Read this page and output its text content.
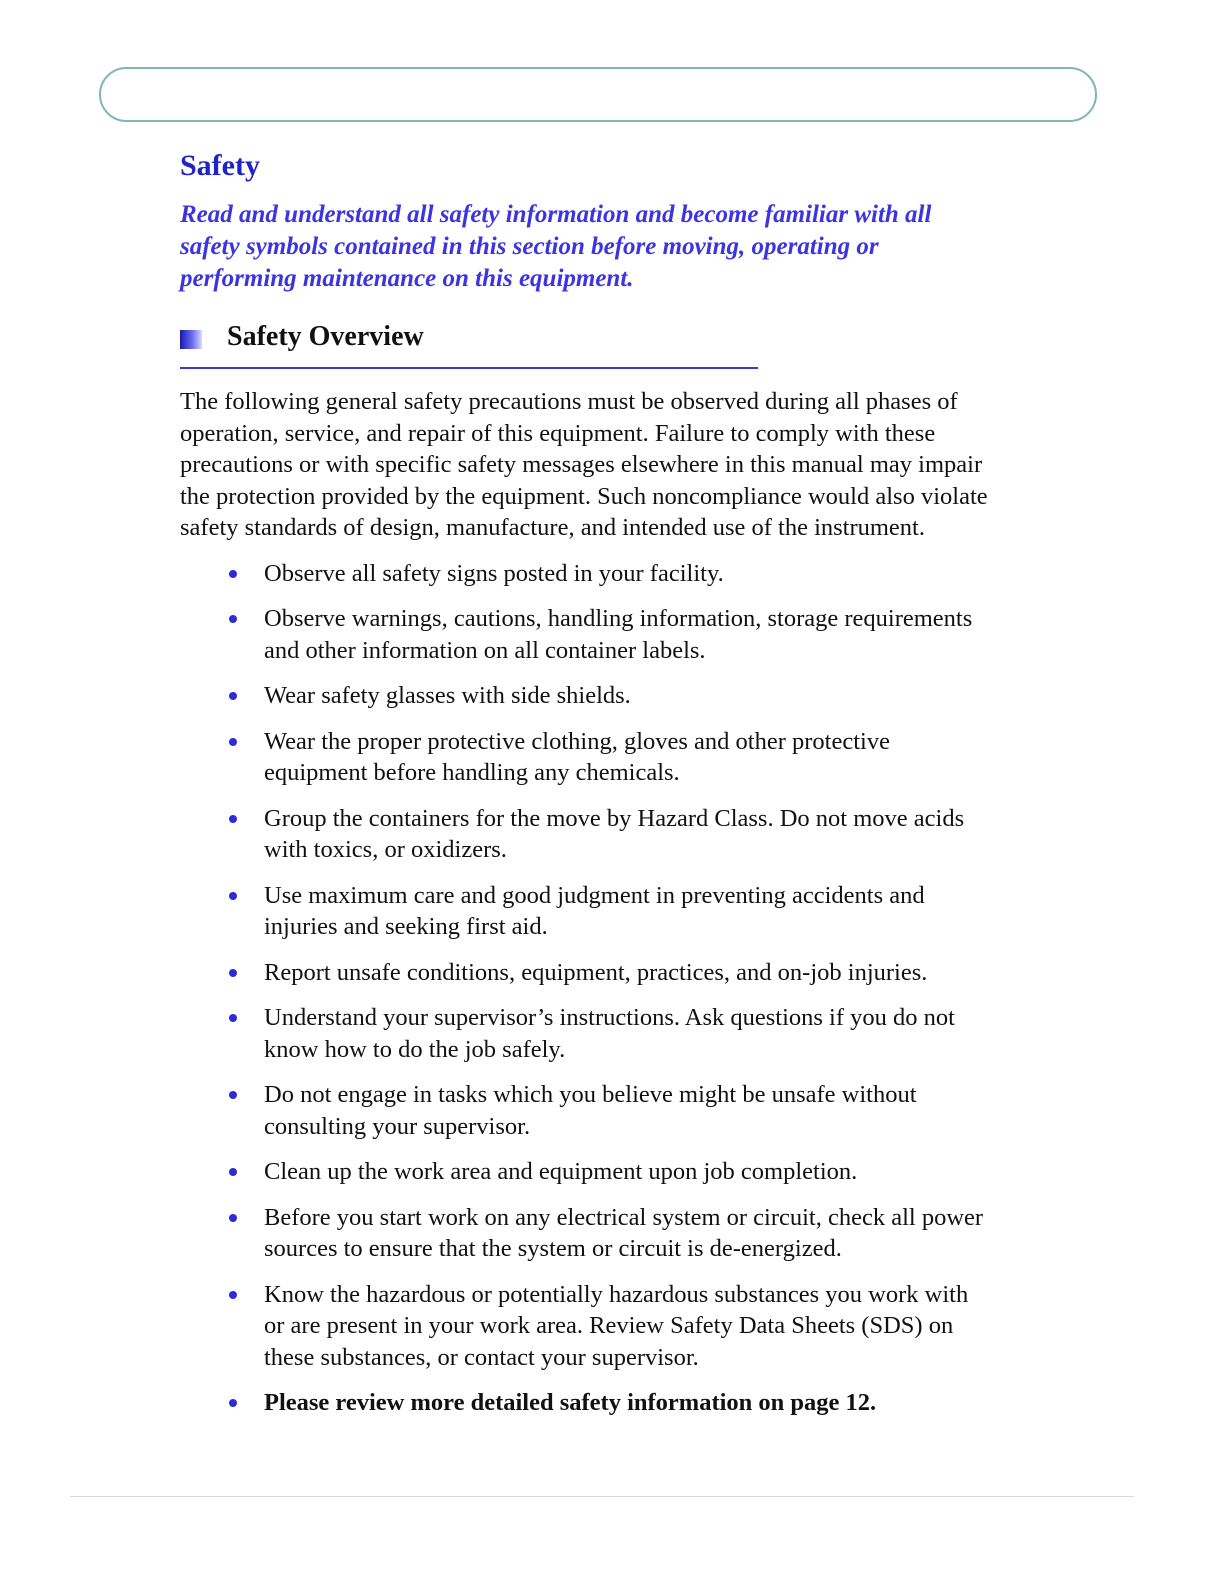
Safety

Read and understand all safety information and become familiar with all safety symbols contained in this section before moving, operating or performing maintenance on this equipment.

Safety Overview

The following general safety precautions must be observed during all phases of operation, service, and repair of this equipment. Failure to comply with these precautions or with specific safety messages elsewhere in this manual may impair the protection provided by the equipment. Such noncompliance would also violate safety standards of design, manufacture, and intended use of the instrument.

Observe all safety signs posted in your facility.
Observe warnings, cautions, handling information, storage requirements and other information on all container labels.
Wear safety glasses with side shields.
Wear the proper protective clothing, gloves and other protective equipment before handling any chemicals.
Group the containers for the move by Hazard Class. Do not move acids with toxics, or oxidizers.
Use maximum care and good judgment in preventing accidents and injuries and seeking first aid.
Report unsafe conditions, equipment, practices, and on-job injuries.
Understand your supervisor’s instructions. Ask questions if you do not know how to do the job safely.
Do not engage in tasks which you believe might be unsafe without consulting your supervisor.
Clean up the work area and equipment upon job completion.
Before you start work on any electrical system or circuit, check all power sources to ensure that the system or circuit is de-energized.
Know the hazardous or potentially hazardous substances you work with or are present in your work area. Review Safety Data Sheets (SDS) on these substances, or contact your supervisor.
Please review more detailed safety information on page 12.
